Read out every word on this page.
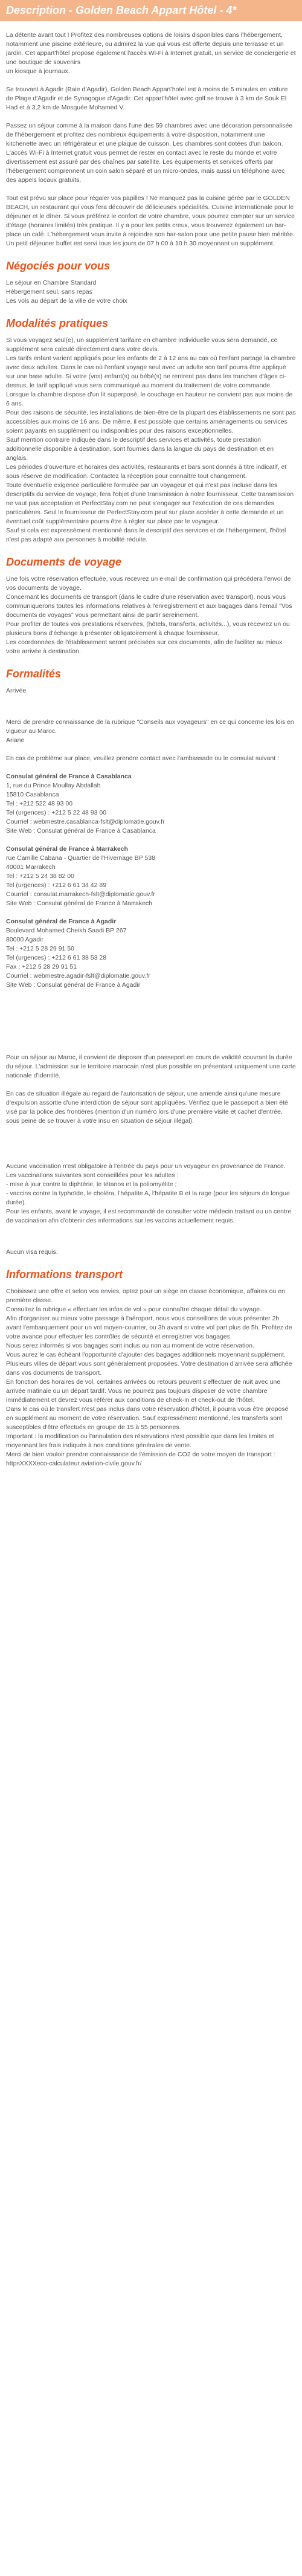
Description - Golden Beach Appart Hôtel - 4*

La détente avant tout ! Profitez des nombreuses options de loisirs disponibles dans l'hébergement, notamment une piscine extérieure, ou admirez la vue qui vous est offerte depuis une terrasse et un jardin. Cet appart'hôtel propose également l'accès Wi-Fi à Internet gratuit, un service de conciergerie et une boutique de souvenirs
un kiosque à journaux.

Se trouvant à Agadir (Baie d'Agadir), Golden Beach Appart'hotel est à moins de 5 minutes en voiture de Plage d'Agadir et de Synagogue d'Agadir. Cet appart'hôtel avec golf se trouve à 3 km de Souk El Had et à 3,2 km de Mosquée Mohamed V.

Passez un séjour comme à la maison dans l'une des 59 chambres avec une décoration personnalisée de l'hébergement et profitez des nombreux équipements à votre disposition, notamment une kitchenette avec un réfrigérateur et une plaque de cuisson. Les chambres sont dotées d'un balcon. L'accès Wi-Fi à Internet gratuit vous permet de rester en contact avec le reste du monde et votre divertissement est assuré par des chaînes par satellite. Les équipements et services offerts par l'hébergement comprennent un coin salon séparé et un micro-ondes, mais aussi un téléphone avec des appels locaux gratuits.

Tout est prévu sur place pour régaler vos papilles ! Ne manquez pas la cuisine gérée par le GOLDEN BEACH, un restaurant qui vous fera découvrir de délicieuses spécialités. Cuisine internationale pour le déjeuner et le dîner. Si vous préférez le confort de votre chambre, vous pourrez compter sur un service d'étage (horaires limités) très pratique. Il y a pour les petits creux, vous trouverez également un bar-place un café. L'hébergement vous invite à rejoindre son bar-salon pour une petite pause bien méritée. Un petit déjeuner buffet est servi tous les jours de 07 h 00 à 10 h 30 moyennant un supplément.

Négociés pour vous
Le séjour en Chambre Standard
Hébergement seul, sans repas
Les vols au départ de la ville de votre choix
Modalités pratiques

Si vous voyagez seul(e), un supplément tarifaire en chambre individuelle vous sera demandé, ce supplément sera calculé directement dans votre devis.
Les tarifs enfant varient appliqués pour les enfants de 2 à 12 ans au cas où l'enfant partage la chambre avec deux adultes. Dans le cas où l'enfant voyage seul avec un adulte son tarif pourra être appliqué sur une base adulte. Si votre (vos) enfant(s) ou bébé(s) ne rentrent pas dans les tranches d'âges ci-dessus, le tarif appliqué vous sera communiqué au moment du traitement de votre commande. Lorsque la chambre dispose d'un lit superposé, le couchage en hauteur ne convient pas aux moins de 6 ans.
Pour des raisons de sécurité, les installations de bien-être de la plupart des établissements ne sont pas accessibles aux moins de 16 ans. De même, il est possible que certains aménagements ou services soient payants en supplément ou indisponibles pour des raisons exceptionnelles.
Sauf mention contraire indiquée dans le descriptif des services et activités, toute prestation additionnelle disponible à destination, sont fournies dans la langue du pays de destination et en anglais.
Les périodes d'ouverture et horaires des activités, restaurants et bars sont donnés à titre indicatif, et sous réserve de modification. Contactez la réception pour connaître tout changement.
Toute éventuelle exigence particulière formulée par un voyageur et qui n'est pas incluse dans les descriptifs du service de voyage, fera l'objet d'une transmission à notre fournisseur. Cette transmission ne vaut pas acceptation et PerfectStay.com ne peut s'engager sur l'exécution de ces demandes particulières. Seul le fournisseur de PerfectStay.com peut sur place accéder à cette demande et un éventuel coût supplémentaire pourra être à régler sur place par le voyageur.
Sauf si cela est expressément mentionné dans le descriptif des services et de l'hébergement, l'hôtel n'est pas adapté aux personnes à mobilité réduite.

Documents de voyage

Une fois votre réservation effectuée, vous recevrez un e-mail de confirmation qui précédera l'envoi de vos documents de voyage.
Concernant les documents de transport (dans le cadre d'une réservation avec transport), nous vous communiquerons toutes les informations relatives à l'enregistrement et aux bagages dans l'email "Vos documents de voyages" vous permettant ainsi de partir sereinement.
Pour profiter de toutes vos prestations réservées, (hôtels, transferts, activités...), vous recevrez un ou plusieurs bons d'échange à présenter obligatoirement à chaque fournisseur.
Les coordonnées de l'établissement seront précisées sur ces documents, afin de faciliter au mieux votre arrivée à destination.

Formalités

Arrivée

Merci de prendre connaissance de la rubrique "Conseils aux voyageurs" en ce qui concerne les lois en vigueur au Maroc.
Ariane

En cas de problème sur place, veuillez prendre contact avec l'ambassade ou le consulat suivant :

Consulat général de France à Casablanca
1, rue du Prince Moullay Abdallah
15810 Casablanca
Tel : +212 522 48 93 00
Tel (urgences) : +212 5 22 48 93 00
Courriel : webmestre.casablanca-fslt@diplomatie.gouv.fr
Site Web : Consulat général de France à Casablanca
Consulat général de France à Marrakech
rue Camille Cabana - Quartier de l'Hivernage BP 538
40001 Marrakech
Tel : +212 5 24 38 82 00
Tel (urgences) : +212 6 61 34 42 89
Courriel : consulat.marrakech-fslt@diplomatie.gouv.fr
Site Web : Consulat général de France à Marrakech
Consulat général de France à Agadir
Boulevard Mohamed Cheikh Saadi BP 267
80000 Agadir
Tel : +212 5 28 29 91 50
Tel (urgences) : +212 6 61 38 53 28
Fax : +212 5 28 29 91 51
Courriel : webmestre.agadir-fslt@diplomatie.gouv.fr
Site Web : Consulat général de France à Agadir

Pour un séjour au Maroc, il convient de disposer d'un passeport en cours de validité couvrant la durée du séjour. L'admission sur le territoire marocain n'est plus possible en présentant uniquement une carte nationale d'identité.

En cas de situation illégale au regard de l'autorisation de séjour, une amende ainsi qu'une mesure d'expulsion assortie d'une interdiction de séjour sont appliquées. Vérifiez que le passeport a bien été visé par la police des frontières (mention d'un numéro lors d'une première visite et cachet d'entrée, sous peine de se trouver à votre insu en situation de séjour illégal).

Aucune vaccination n'est obligatoire à l'entrée du pays pour un voyageur en provenance de France. Les vaccinations suivantes sont conseillées pour les adultes :
- mise à jour contre la diphtérie, le tétanos et la poliomyélite ;
- vaccins contre la typhoïde, le choléra, l'hépatite A, l'hépatite B et la rage (pour les séjours de longue durée).
Pour les enfants, avant le voyage, il est recommandé de consulter votre médecin traitant ou un centre de vaccination afin d'obtenir des informations sur les vaccins actuellement requis.

Aucun visa requis.

Informations transport

Choisissez une offre et selon vos envies, optez pour un siège en classe économique, affaires ou en première classe.
Consultez la rubrique « effectuer les infos de vol » pour connaître chaque détail du voyage.
Afin d'organiser au mieux votre passage à l'aéroport, nous vous conseillons de vous présenter 2h avant l'embarquement pour un vol moyen-courrier, ou 3h avant si votre vol part plus de 5h. Profitez de votre avance pour effectuer les contrôles de sécurité et enregistrer vos bagages.
Nous serez informés si vos bagages sont inclus ou non au moment de votre réservation.
Vous aurez le cas échéant l'opportunité d'ajouter des bagages additionnels moyennant supplément.
Plusieurs villes de départ vous sont généralement proposées. Votre destination d'arrivée sera affichée dans vos documents de transport.
En fonction des horaires de vol, certaines arrivées ou retours peuvent s'effectuer de nuit avec une arrivée matinale ou un départ tardif. Vous ne pourrez pas toujours disposer de votre chambre immédiatement et devrez vous référer aux conditions de check-in et check-out de l'hôtel.
Dans le cas où le transfert n'est pas inclus dans votre réservation d'hôtel, il pourra vous être proposé en supplément au moment de votre réservation. Sauf expressément mentionné, les transferts sont susceptibles d'être effectués en groupe de 15 à 55 personnes.
Important : la modification ou l'annulation des réservations n'est possible que dans les limites et moyennant les frais indiqués à nos conditions générales de vente.
Merci de bien vouloir prendre connaissance de l'émission de CO2 de votre moyen de transport : httpsXXXXeco-calculateur.aviation-civile.gouv.fr/
